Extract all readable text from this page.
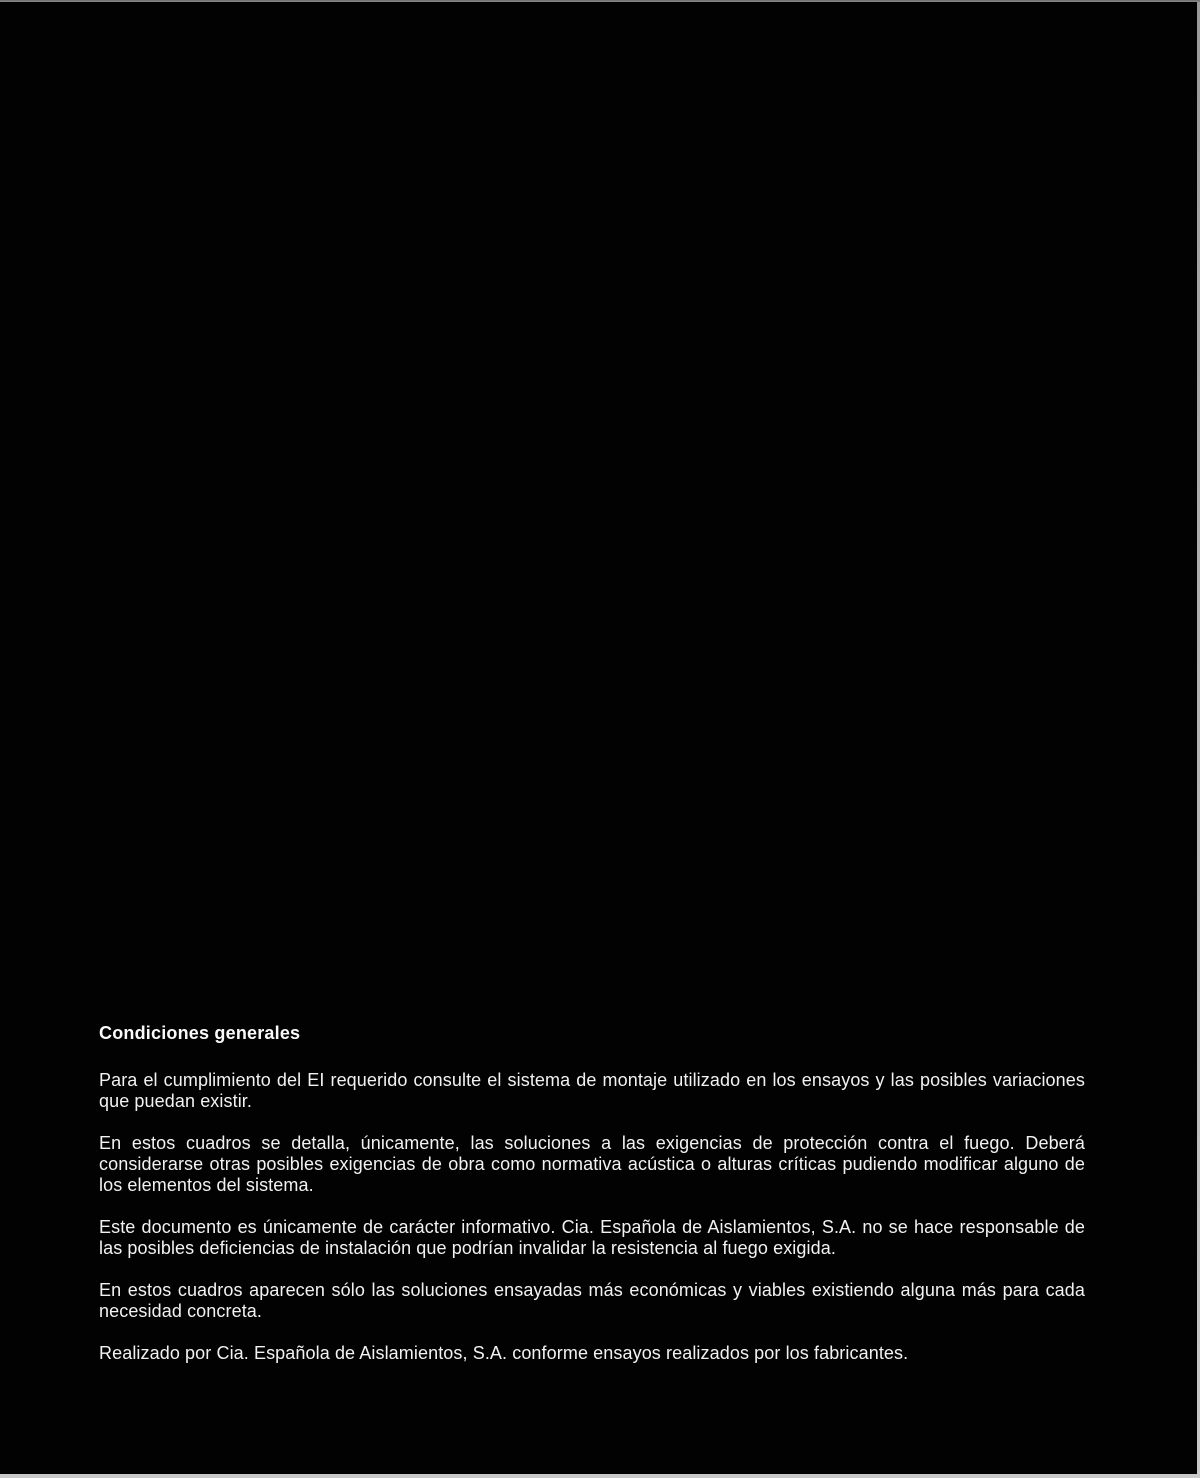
Condiciones generales

Para el cumplimiento del EI requerido consulte el sistema de montaje utilizado en los ensayos y las posibles variaciones que puedan existir.

En estos cuadros se detalla, únicamente, las soluciones a las exigencias de protección contra el fuego. Deberá considerarse otras posibles exigencias de obra como normativa acústica o alturas críticas pudiendo modificar alguno de los elementos del sistema.

Este documento es únicamente de carácter informativo. Cia. Española de Aislamientos, S.A. no se hace responsable de las posibles deficiencias de instalación que podrían invalidar la resistencia al fuego exigida.

En estos cuadros aparecen sólo las soluciones ensayadas más económicas y viables existiendo alguna más para cada necesidad concreta.

Realizado por Cia. Española de Aislamientos, S.A. conforme ensayos realizados por los fabricantes.
